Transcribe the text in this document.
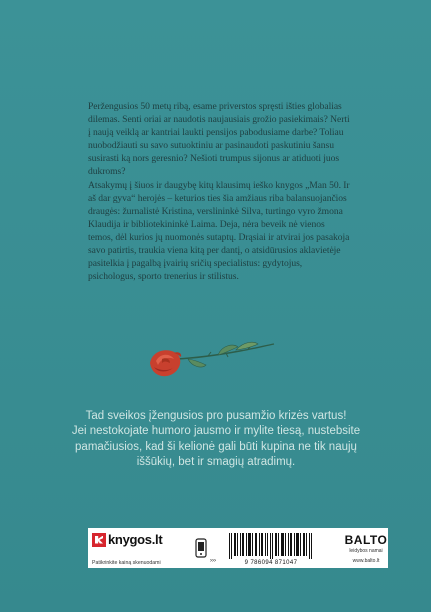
Peržengusios 50 metų ribą, esame priverstos spręsti išties globalias dilemas. Senti oriai ar naudotis naujausiais grožio pasiekimais? Nerti į naują veiklą ar kantriai laukti pensijos pabodusiame darbe? Toliau nuobodžiauti su savo sutuoktiniu ar pasinaudoti paskutiniu šansu susirasti ką nors geresnio? Nešioti trumpus sijonus ar atiduoti juos dukroms?

Atsakymų į šiuos ir daugybę kitų klausimų ieško knygos „Man 50. Ir aš dar gyva“ herojės – keturios ties šia amžiaus riba balansuojančios draugės: žurnalistė Kristina, verslininkė Silva, turtingo vyro žmona Klaudija ir bibliotekininkė Laima. Deja, nėra beveik nė vienos temos, dėl kurios jų nuomonės sutaptų. Drąsiai ir atvirai jos pasakoja savo patirtis, traukia viena kitą per dantį, o atsidūrusios aklavietėje pasitelkia į pagalbą įvairių sričių specialistus: gydytojus, psichologus, sporto trenerius ir stilistus.

Tad sveikos įžengusios pro pusamžio krizės vartus!

Jei nestokojate humoro jausmo ir mylite tiesą, nustebsite pamačiusios, kad ši kelionė gali būti kupina ne tik naujų iššūkių, bet ir smagių atradimų.

knygos.lt
Patikrinkite kainą skenuodami	›››	9 786094 871047
BALTO
leidybos namai
www.balto.lt
